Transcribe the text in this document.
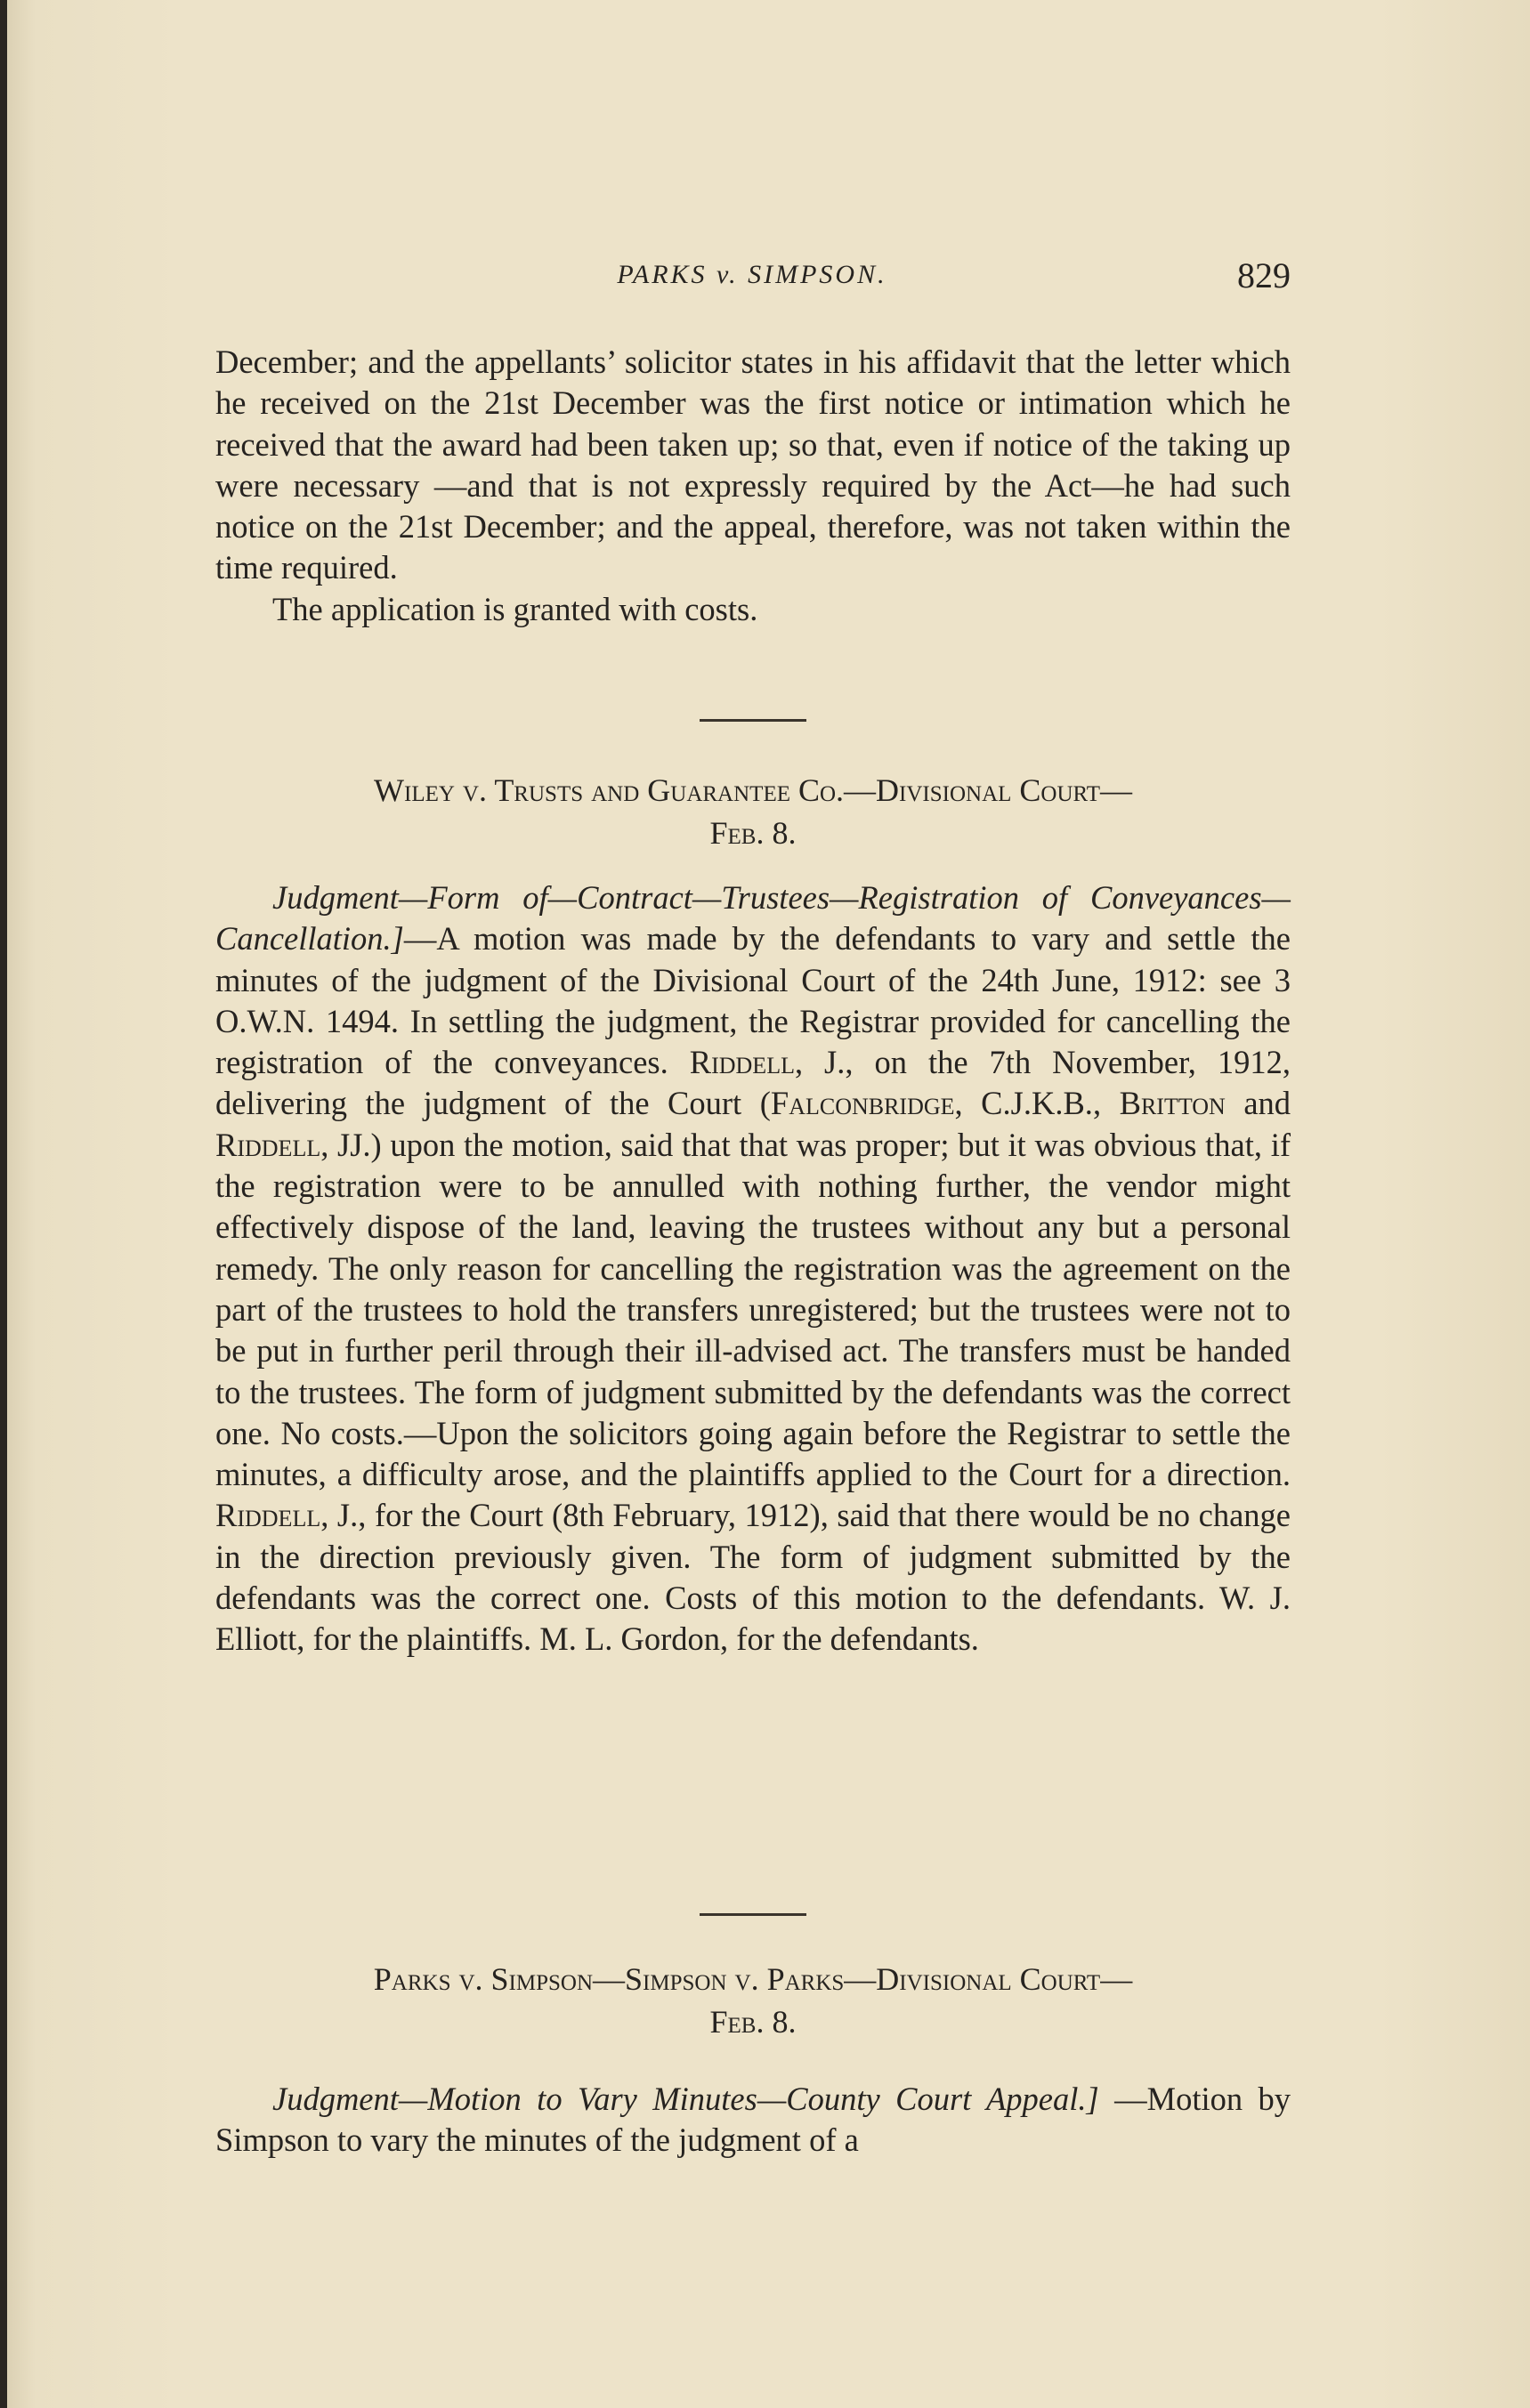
PARKS v. SIMPSON.	829

December; and the appellants’ solicitor states in his affidavit that the letter which he received on the 21st December was the first notice or intimation which he received that the award had been taken up; so that, even if notice of the taking up were necessary —and that is not expressly required by the Act—he had such notice on the 21st December; and the appeal, therefore, was not taken within the time required.

The application is granted with costs.

Wiley v. Trusts and Guarantee Co.—Divisional Court—
Feb. 8.

Judgment—Form of—Contract—Trustees—Registration of Conveyances—Cancellation.]—A motion was made by the defendants to vary and settle the minutes of the judgment of the Divisional Court of the 24th June, 1912: see 3 O.W.N. 1494. In settling the judgment, the Registrar provided for cancelling the registration of the conveyances. Riddell, J., on the 7th November, 1912, delivering the judgment of the Court (Falconbridge, C.J.K.B., Britton and Riddell, JJ.) upon the motion, said that that was proper; but it was obvious that, if the registration were to be annulled with nothing further, the vendor might effectively dispose of the land, leaving the trustees without any but a personal remedy. The only reason for cancelling the registration was the agreement on the part of the trustees to hold the transfers unregistered; but the trustees were not to be put in further peril through their ill-advised act. The transfers must be handed to the trustees. The form of judgment submitted by the defendants was the correct one. No costs.—Upon the solicitors going again before the Registrar to settle the minutes, a difficulty arose, and the plaintiffs applied to the Court for a direction. Riddell, J., for the Court (8th February, 1912), said that there would be no change in the direction previously given. The form of judgment submitted by the defendants was the correct one. Costs of this motion to the defendants. W. J. Elliott, for the plaintiffs. M. L. Gordon, for the defendants.

Parks v. Simpson—Simpson v. Parks—Divisional Court—
Feb. 8.

Judgment—Motion to Vary Minutes—County Court Appeal.] —Motion by Simpson to vary the minutes of the judgment of a
